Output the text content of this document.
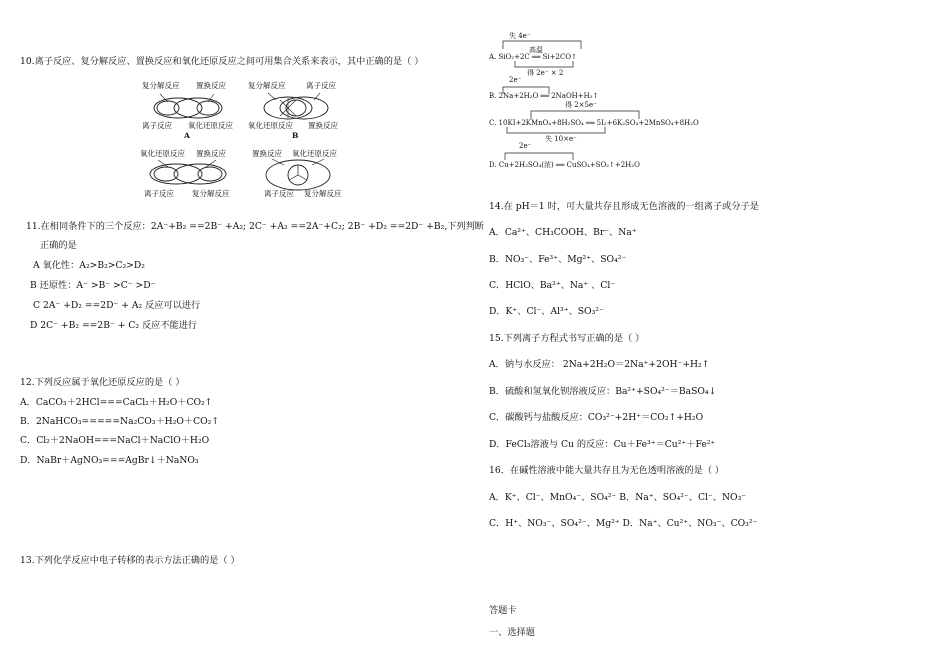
10.离子反应、复分解反应、置换反应和氧化还原反应之间可用集合关系来表示，其中正确的是（ ）
复分解反应 置换反应
离子反应 氧化还原反应
A
复分解反应	离子反应
氧化还原反应 置换反应
B
氧化还原反应 置换反应
离子反应 复分解反应
置换反应 氧化还原反应
离子反应 复分解反应
11.在相同条件下的三个反应：2A⁻+B₂ ==2B⁻ +A₂; 2C⁻ +A₂ ==2A⁻+C₂; 2B⁻ +D₂ ==2D⁻ +B₂,下列判断
正确的是
A 氧化性：A₂>B₂>C₂>D₂
B 还原性：A⁻ >B⁻ >C⁻ >D⁻
C 2A⁻ +D₂ ==2D⁻ + A₂ 反应可以进行
D 2C⁻ +B₂ ==2B⁻ + C₂ 反应不能进行
12.下列反应属于氧化还原反应的是（ ）
A．CaCO₃＋2HCl===CaCl₂＋H₂O＋CO₂↑
B．2NaHCO₃=====Na₂CO₃＋H₂O＋CO₂↑
C．Cl₂＋2NaOH===NaCl＋NaClO＋H₂O
D．NaBr＋AgNO₃===AgBr↓＋NaNO₃
13.下列化学反应中电子转移的表示方法正确的是（ ）
失 4e⁻
高温
A. SiO₂+2C ══ Si+2CO↑
得 2e⁻ × 2
2e⁻
B. 2Na+2H₂O ══ 2NaOH+H₂↑
得 2×5e⁻
C. 10KI+2KMnO₄+8H₂SO₄ ══ 5I₂+6K₂SO₄+2MnSO₄+8H₂O
失 10×e⁻
2e⁻
D. Cu+2H₂SO₄(浓) ══ CuSO₄+SO₂↑+2H₂O
14.在 pH＝1 时，可大量共存且形成无色溶液的一组离子或分子是
A．Ca²⁺、CH₃COOH、Br⁻、Na⁺
B．NO₃⁻、Fe³⁺、Mg²⁺、SO₄²⁻
C．HClO、Ba²⁺、Na⁺ 、Cl⁻
D．K⁺、Cl⁻、Al³⁺、SO₃²⁻
15.下列离子方程式书写正确的是（ ）
A．钠与水反应： 2Na+2H₂O＝2Na⁺+2OH⁻+H₂↑
B．硫酸和氢氧化钡溶液反应：Ba²⁺+SO₄²⁻＝BaSO₄↓
C．碳酸钙与盐酸反应：CO₃²⁻+2H⁺＝CO₂↑+H₂O
D．FeCl₃溶液与 Cu 的反应：Cu＋Fe³⁺＝Cu²⁺＋Fe²⁺
16．在碱性溶液中能大量共存且为无色透明溶液的是（ ）
A．K⁺、Cl⁻、MnO₄⁻、SO₄²⁻ B．Na⁺、SO₄²⁻、Cl⁻、NO₃⁻
C．H⁺、NO₃⁻、SO₄²⁻、Mg²⁺ D．Na⁺、Cu²⁺、NO₃⁻、CO₃²⁻
答题卡
一、选择题
